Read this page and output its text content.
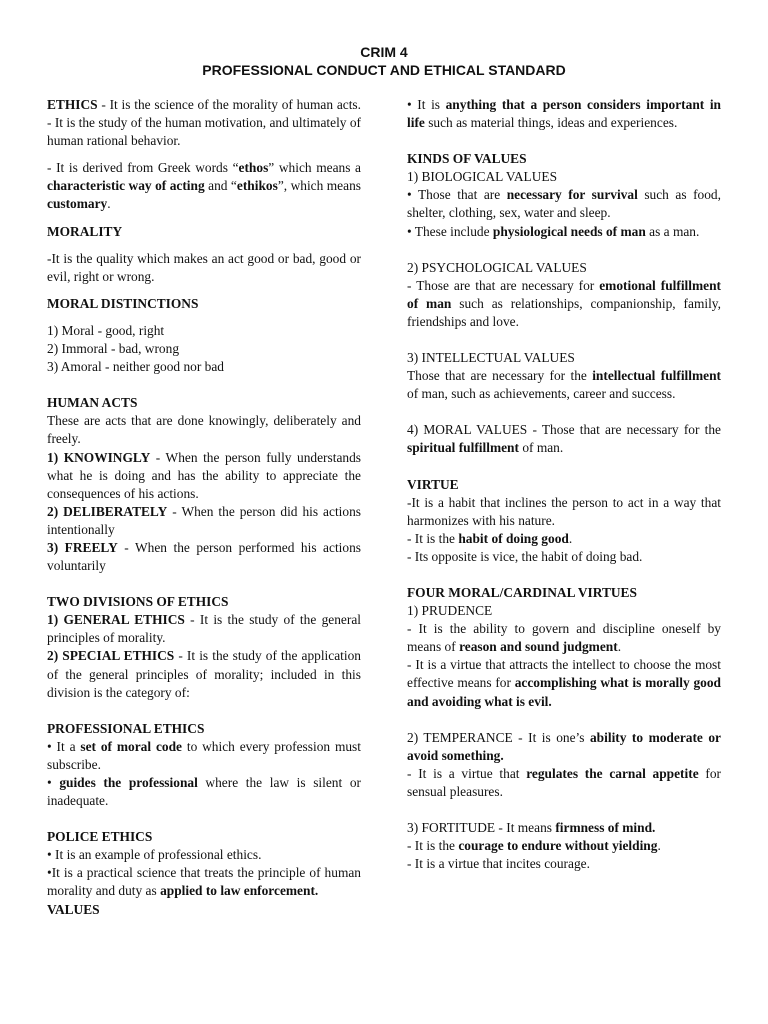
CRIM 4
PROFESSIONAL CONDUCT AND ETHICAL STANDARD

ETHICS - It is the science of the morality of human acts. - It is the study of the human motivation, and ultimately of human rational behavior.

- It is derived from Greek words “ethos” which means a characteristic way of acting and “ethikos”, which means customary.

MORALITY

-It is the quality which makes an act good or bad, good or evil, right or wrong.

MORAL DISTINCTIONS

1) Moral - good, right

2) Immoral - bad, wrong

3) Amoral - neither good nor bad

HUMAN ACTS

These are acts that are done knowingly, deliberately and freely.

1) KNOWINGLY - When the person fully understands what he is doing and has the ability to appreciate the consequences of his actions.

2) DELIBERATELY - When the person did his actions intentionally

3) FREELY - When the person performed his actions voluntarily

TWO DIVISIONS OF ETHICS

1) GENERAL ETHICS - It is the study of the general principles of morality.

2) SPECIAL ETHICS - It is the study of the application of the general principles of morality; included in this division is the category of:

PROFESSIONAL ETHICS

• It a set of moral code to which every profession must subscribe.

• guides the professional where the law is silent or inadequate.

POLICE ETHICS

• It is an example of professional ethics.

•It is a practical science that treats the principle of human morality and duty as applied to law enforcement.

VALUES

• It is anything that a person considers important in life such as material things, ideas and experiences.

KINDS OF VALUES

1) BIOLOGICAL VALUES

• Those that are necessary for survival such as food, shelter, clothing, sex, water and sleep.

• These include physiological needs of man as a man.

2) PSYCHOLOGICAL VALUES

- Those are that are necessary for emotional fulfillment of man such as relationships, companionship, family, friendships and love.

3) INTELLECTUAL VALUES

Those that are necessary for the intellectual fulfillment of man, such as achievements, career and success.

4) MORAL VALUES - Those that are necessary for the spiritual fulfillment of man.

VIRTUE

-It is a habit that inclines the person to act in a way that harmonizes with his nature.

- It is the habit of doing good.

- Its opposite is vice, the habit of doing bad.

FOUR MORAL/CARDINAL VIRTUES

1) PRUDENCE

- It is the ability to govern and discipline oneself by means of reason and sound judgment.

- It is a virtue that attracts the intellect to choose the most effective means for accomplishing what is morally good and avoiding what is evil.

2) TEMPERANCE - It is one’s ability to moderate or avoid something.

- It is a virtue that regulates the carnal appetite for sensual pleasures.

3) FORTITUDE - It means firmness of mind.

- It is the courage to endure without yielding.

- It is a virtue that incites courage.
